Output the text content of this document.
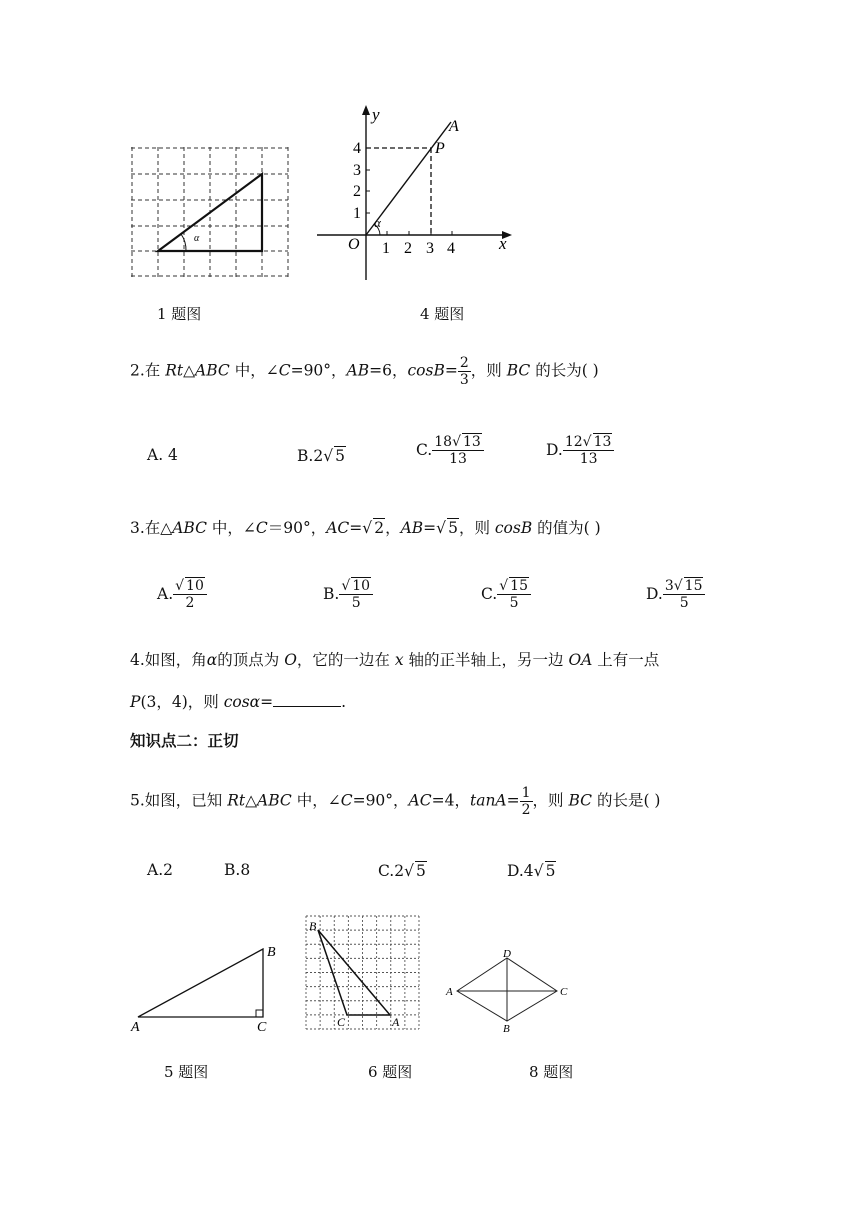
α	x
y
1 2 3 4
1
2
3
4
O
P
A
α
1 题图	4 题图
2.在 Rt△ABC 中，∠C=90°，AB=6，$\cos B= \frac{2}{3}$ ，则 BC 的长为( )
A. 4	B.2√ 5	C. $\frac{18√ 13}{13}$	D. $\frac{12√ 13}{13}$
3.在△ABC 中，∠C＝90°，AC=√ 2，AB=√ 5，则 cosB 的值为( )
A. $\frac{√ 10}{2}$	B. $\frac{√ 10}{5}$	C. $\frac{√ 15}{5}$	D. $\frac{3√ 15}{5}$
4.如图，角α的顶点为 O，它的一边在 x 轴的正半轴上，另一边 OA 上有一点
P(3，4)，则 cosα=	.
知识点二：正切
5.如图，已知 Rt△ABC 中，∠C=90°，AC=4，$\tan A= \frac{1}{2}$ ，则 BC 的长是( )
A.2	B.8	C.2√ 5	D.4√ 5
A
B
C
B
C	A
A	C
D
B
5 题图	6 题图	8 题图
